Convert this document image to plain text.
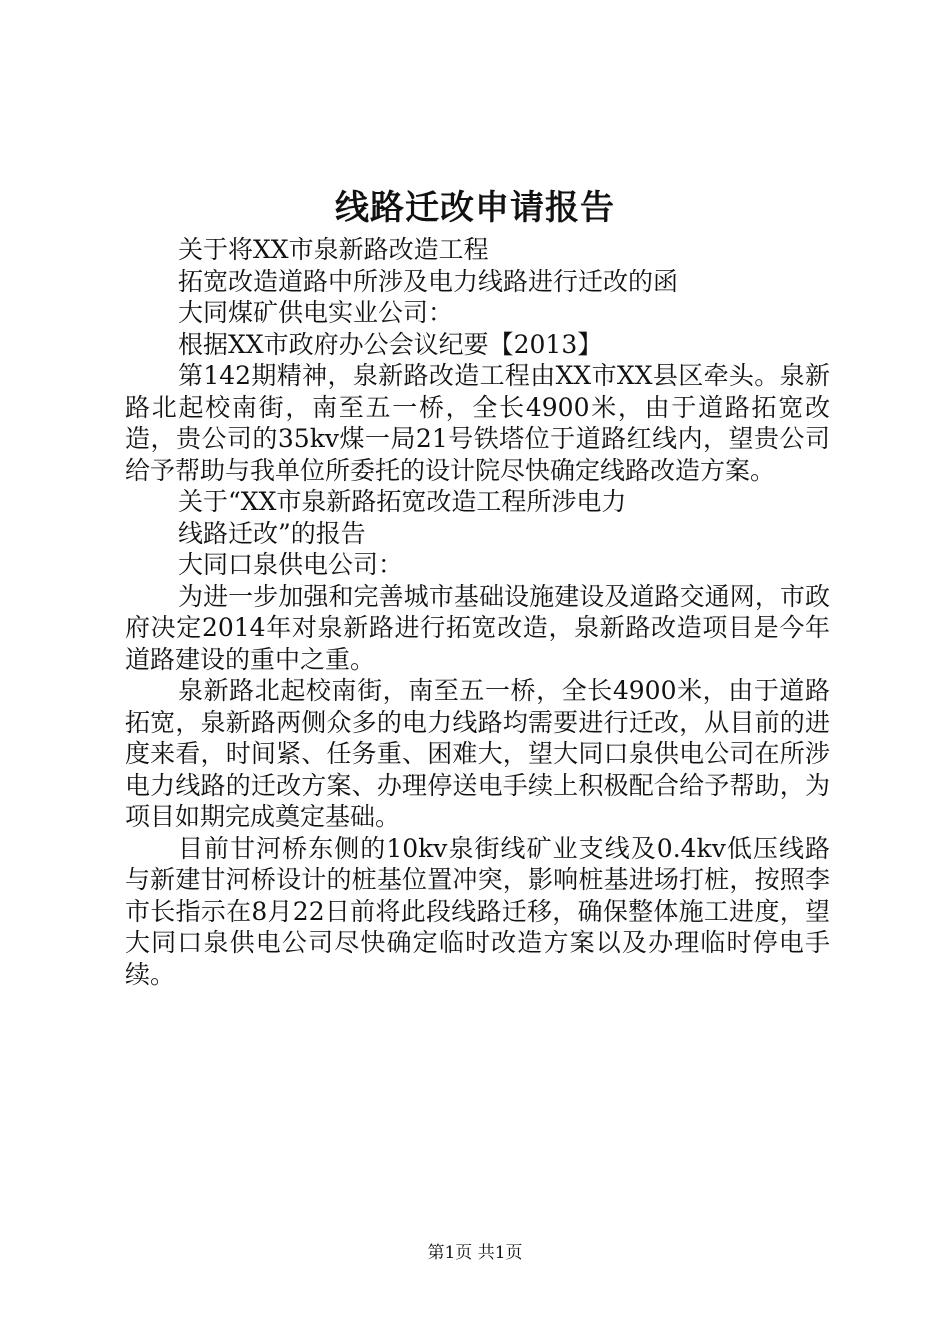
线路迁改申请报告

关于将XX市泉新路改造工程

拓宽改造道路中所涉及电力线路进行迁改的函

大同煤矿供电实业公司：

根据XX市政府办公会议纪要【2013】

第142期精神，泉新路改造工程由XX市XX县区牵头。泉新路北起校南街，南至五一桥，全长4900米，由于道路拓宽改造，贵公司的35kv煤一局21号铁塔位于道路红线内，望贵公司给予帮助与我单位所委托的设计院尽快确定线路改造方案。

关于“XX市泉新路拓宽改造工程所涉电力

线路迁改”的报告

大同口泉供电公司：

为进一步加强和完善城市基础设施建设及道路交通网，市政府决定2014年对泉新路进行拓宽改造，泉新路改造项目是今年道路建设的重中之重。

泉新路北起校南街，南至五一桥，全长4900米，由于道路拓宽，泉新路两侧众多的电力线路均需要进行迁改，从目前的进度来看，时间紧、任务重、困难大，望大同口泉供电公司在所涉电力线路的迁改方案、办理停送电手续上积极配合给予帮助，为项目如期完成奠定基础。

目前甘河桥东侧的10kv泉街线矿业支线及0.4kv低压线路与新建甘河桥设计的桩基位置冲突，影响桩基进场打桩，按照李市长指示在8月22日前将此段线路迁移，确保整体施工进度，望大同口泉供电公司尽快确定临时改造方案以及办理临时停电手续。

第1页 共1页
